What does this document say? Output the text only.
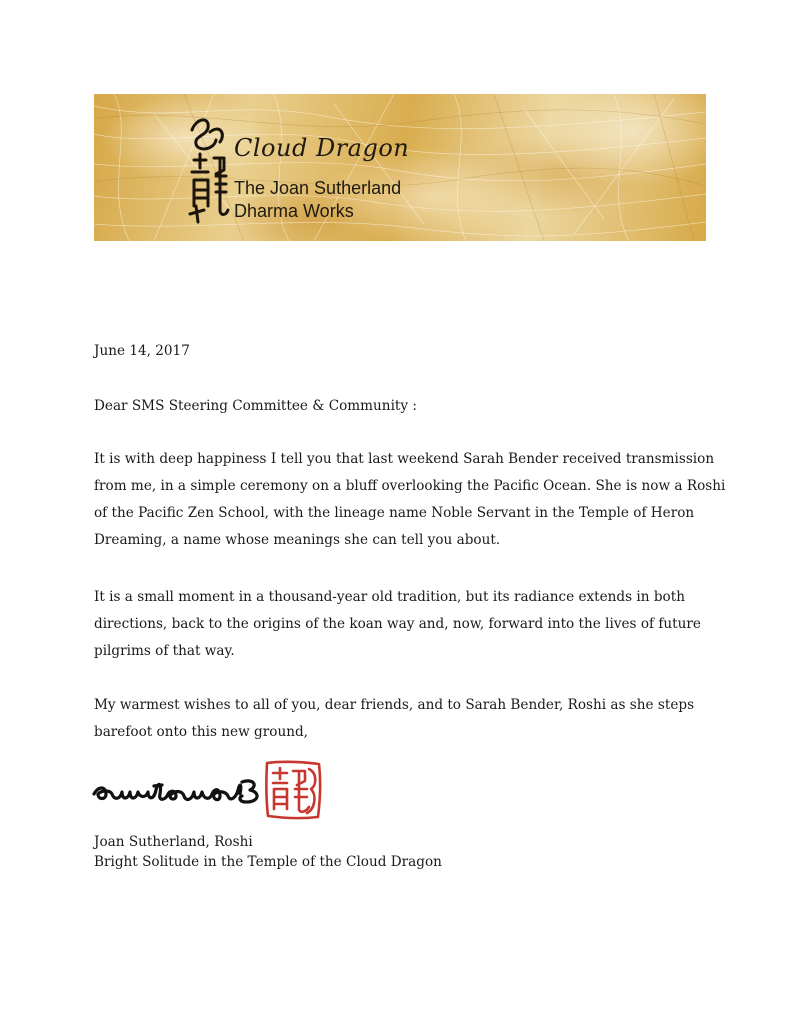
Cloud Dragon
The Joan Sutherland
Dharma Works
June 14, 2017
Dear SMS Steering Committee & Community :
It is with deep happiness I tell you that last weekend Sarah Bender received transmission
from me, in a simple ceremony on a bluff overlooking the Pacific Ocean. She is now a Roshi
of the Pacific Zen School, with the lineage name Noble Servant in the Temple of Heron
Dreaming, a name whose meanings she can tell you about.
It is a small moment in a thousand-year old tradition, but its radiance extends in both
directions, back to the origins of the koan way and, now, forward into the lives of future
pilgrims of that way.
My warmest wishes to all of you, dear friends, and to Sarah Bender, Roshi as she steps
barefoot onto this new ground,
Joan Sutherland, Roshi
Bright Solitude in the Temple of the Cloud Dragon
